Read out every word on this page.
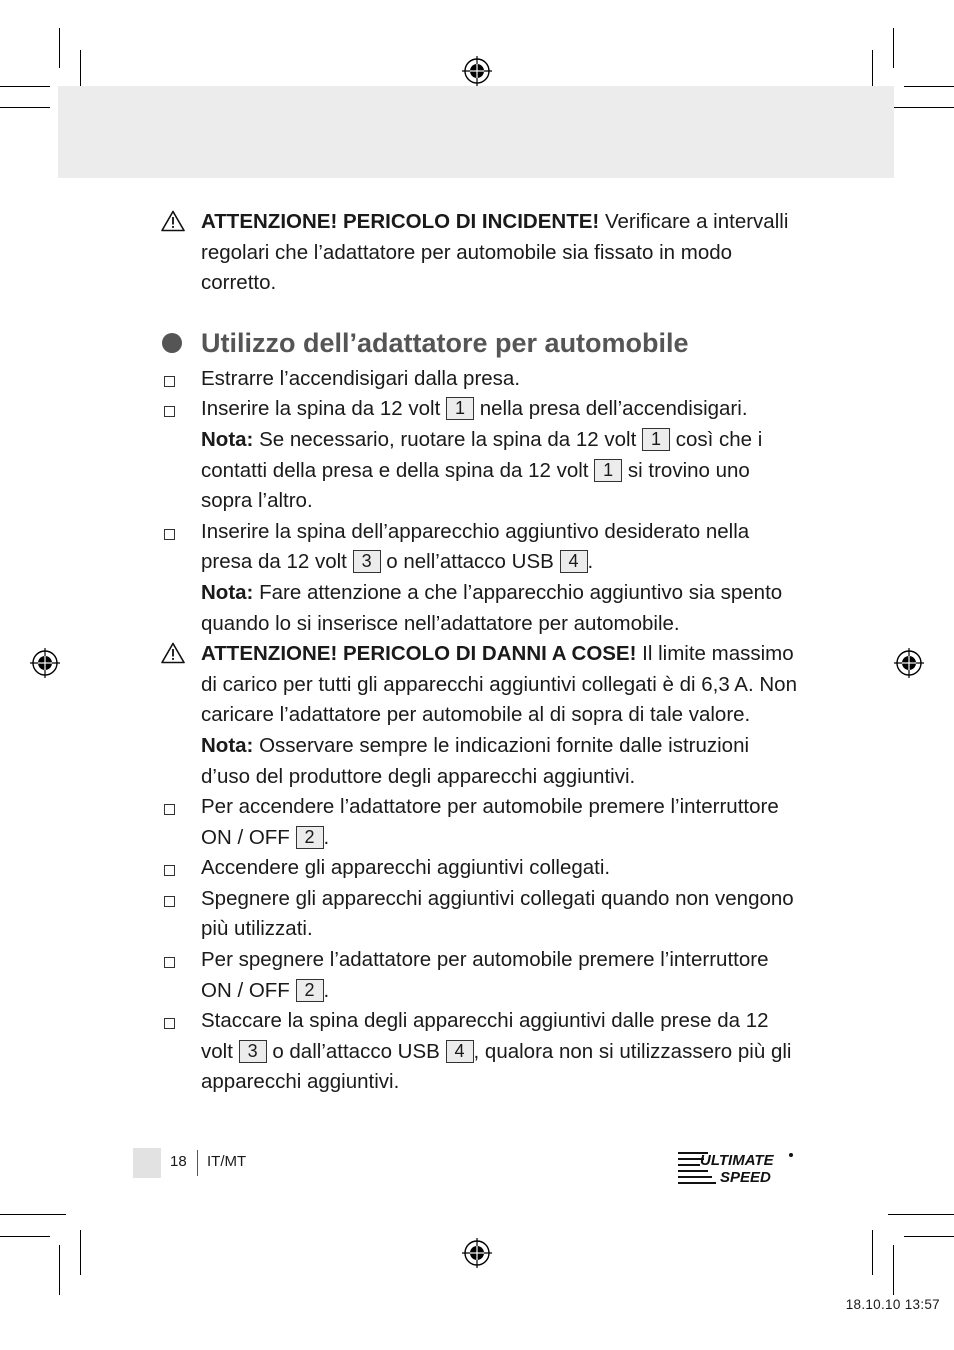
ATTENZIONE! PERICOLO DI INCIDENTE! Verificare a intervalli regolari che l’adattatore per automobile sia fissato in modo corretto.
Utilizzo dell’adattatore per automobile
Estrarre l’accendisigari dalla presa.
Inserire la spina da 12 volt 1 nella presa dell’accendisigari.
Nota: Se necessario, ruotare la spina da 12 volt 1 così che i contatti della presa e della spina da 12 volt 1 si trovino uno sopra l’altro.
Inserire la spina dell’apparecchio aggiuntivo desiderato nella presa da 12 volt 3 o nell’attacco USB 4 .
Nota: Fare attenzione a che l’apparecchio aggiuntivo sia spento quando lo si inserisce nell’adattatore per automobile.
ATTENZIONE! PERICOLO DI DANNI A COSE! Il limite massimo di carico per tutti gli apparecchi aggiuntivi collegati è di 6,3 A. Non caricare l’adattatore per automobile al di sopra di tale valore.
Nota: Osservare sempre le indicazioni fornite dalle istruzioni d’uso del produttore degli apparecchi aggiuntivi.
Per accendere l’adattatore per automobile premere l’interruttore ON / OFF 2 .
Accendere gli apparecchi aggiuntivi collegati.
Spegnere gli apparecchi aggiuntivi collegati quando non vengono più utilizzati.
Per spegnere l’adattatore per automobile premere l’interruttore ON / OFF 2 .
Staccare la spina degli apparecchi aggiuntivi dalle prese da 12 volt 3 o dall’attacco USB 4 , qualora non si utilizzassero più gli apparecchi aggiuntivi.
18 IT/MT	ULTIMATE
SPEED
18.10.10 13:57
